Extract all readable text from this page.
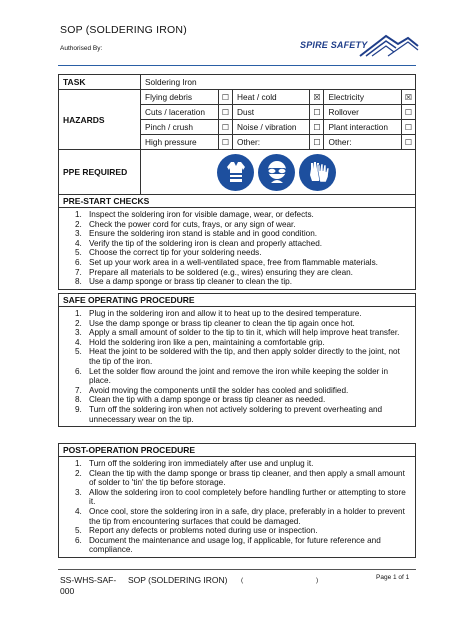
SOP (SOLDERING IRON)
Authorised By:	SPIRE SAFETY
TASK	Soldering Iron					
HAZARDS	Flying debris	☐	Heat / cold	☒	Electricity	☒
	Cuts / laceration	☐	Dust	☐	Rollover	☐
	Pinch / crush	☐	Noise / vibration	☐	Plant interaction	☐
	High pressure	☐	Other:	☐	Other:	☐
PPE REQUIRED	
PRE-START CHECKS
1. Inspect the soldering iron for visible damage, wear, or defects.
2. Check the power cord for cuts, frays, or any sign of wear.
3. Ensure the soldering iron stand is stable and in good condition.
4. Verify the tip of the soldering iron is clean and properly attached.
5. Choose the correct tip for your soldering needs.
6. Set up your work area in a well-ventilated space, free from flammable materials.
7. Prepare all materials to be soldered (e.g., wires) ensuring they are clean.
8. Use a damp sponge or brass tip cleaner to clean the tip.
SAFE OPERATING PROCEDURE
1. Plug in the soldering iron and allow it to heat up to the desired temperature.
2. Use the damp sponge or brass tip cleaner to clean the tip again once hot.
3. Apply a small amount of solder to the tip to tin it, which will help improve heat transfer.
4. Hold the soldering iron like a pen, maintaining a comfortable grip.
5. Heat the joint to be soldered with the tip, and then apply solder directly to the joint, not the tip of the iron.
6. Let the solder flow around the joint and remove the iron while keeping the solder in place.
7. Avoid moving the components until the solder has cooled and solidified.
8. Clean the tip with a damp sponge or brass tip cleaner as needed.
9. Turn off the soldering iron when not actively soldering to prevent overheating and unnecessary wear on the tip.
POST-OPERATION PROCEDURE
1. Turn off the soldering iron immediately after use and unplug it.
2. Clean the tip with the damp sponge or brass tip cleaner, and then apply a small amount of solder to 'tin' the tip before storage.
3. Allow the soldering iron to cool completely before handling further or attempting to store it.
4. Once cool, store the soldering iron in a safe, dry place, preferably in a holder to prevent the tip from encountering surfaces that could be damaged.
5. Report any defects or problems noted during use or inspection.
6. Document the maintenance and usage log, if applicable, for future reference and compliance.
SS-WHS-SAF-
000
SOP (SOLDERING IRON) (	)	Page 1 of 1
